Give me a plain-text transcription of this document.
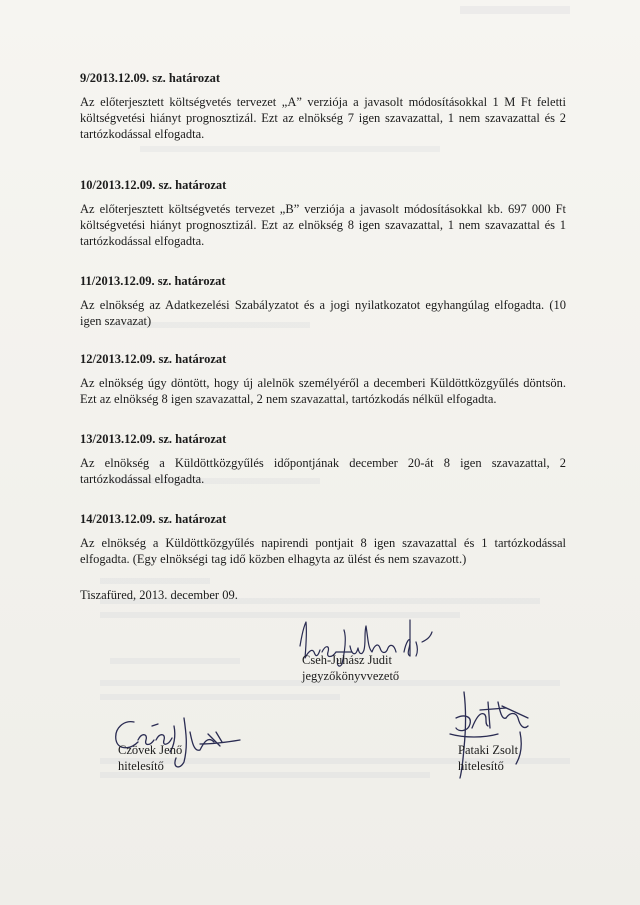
9/2013.12.09. sz. határozat

Az előterjesztett költségvetés tervezet „A” verziója a javasolt módosításokkal 1 M Ft feletti költségvetési hiányt prognosztizál. Ezt az elnökség 7 igen szavazattal, 1 nem szavazattal és 2 tartózkodással elfogadta.

10/2013.12.09. sz. határozat

Az előterjesztett költségvetés tervezet „B” verziója a javasolt módosításokkal kb. 697 000 Ft költségvetési hiányt prognosztizál. Ezt az elnökség 8 igen szavazattal, 1 nem szavazattal és 1 tartózkodással elfogadta.

11/2013.12.09. sz. határozat

Az elnökség az Adatkezelési Szabályzatot és a jogi nyilatkozatot egyhangúlag elfogadta. (10 igen szavazat)

12/2013.12.09. sz. határozat

Az elnökség úgy döntött, hogy új alelnök személyéről a decemberi Küldöttközgyűlés döntsön. Ezt az elnökség 8 igen szavazattal, 2 nem szavazattal, tartózkodás nélkül elfogadta.

13/2013.12.09. sz. határozat

Az elnökség a Küldöttközgyűlés időpontjának december 20-át 8 igen szavazattal, 2 tartózkodással elfogadta.

14/2013.12.09. sz. határozat

Az elnökség a Küldöttközgyűlés napirendi pontjait 8 igen szavazattal és 1 tartózkodással elfogadta. (Egy elnökségi tag idő közben elhagyta az ülést és nem szavazott.)

Tiszafüred, 2013. december 09.
Cseh-Juhász Judit
jegyzőkönyvvezető
Czövek Jenő
hitelesítő
Pataki Zsolt
hitelesítő
